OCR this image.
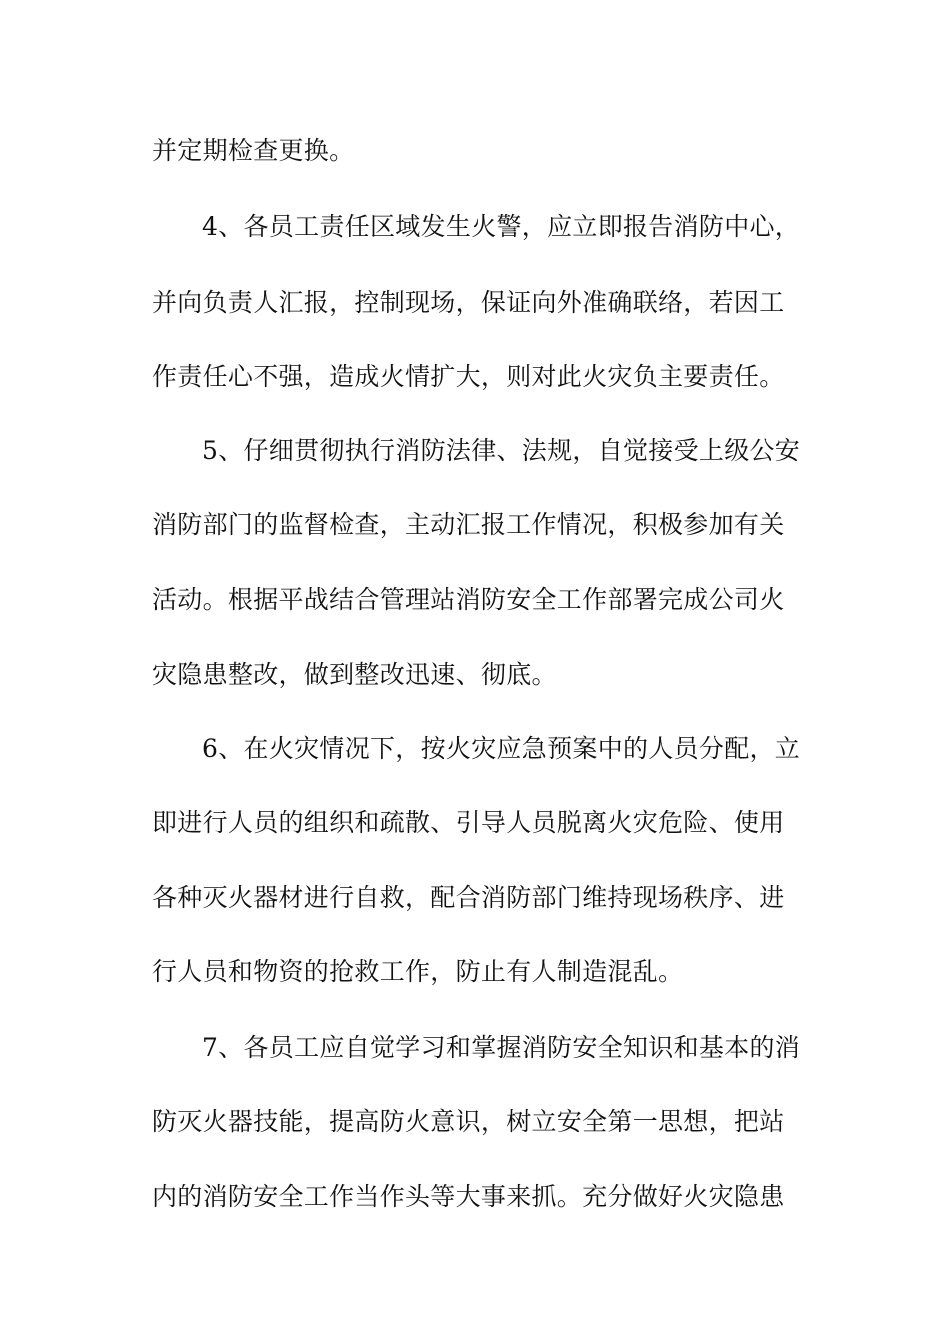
并定期检查更换。
4、各员工责任区域发生火警，应立即报告消防中心，
并向负责人汇报，控制现场，保证向外准确联络，若因工
作责任心不强，造成火情扩大，则对此火灾负主要责任。
5、仔细贯彻执行消防法律、法规，自觉接受上级公安
消防部门的监督检查，主动汇报工作情况，积极参加有关
活动。根据平战结合管理站消防安全工作部署完成公司火
灾隐患整改，做到整改迅速、彻底。
6、在火灾情况下，按火灾应急预案中的人员分配，立
即进行人员的组织和疏散、引导人员脱离火灾危险、使用
各种灭火器材进行自救，配合消防部门维持现场秩序、进
行人员和物资的抢救工作，防止有人制造混乱。
7、各员工应自觉学习和掌握消防安全知识和基本的消
防灭火器技能，提高防火意识，树立安全第一思想，把站
内的消防安全工作当作头等大事来抓。充分做好火灾隐患
